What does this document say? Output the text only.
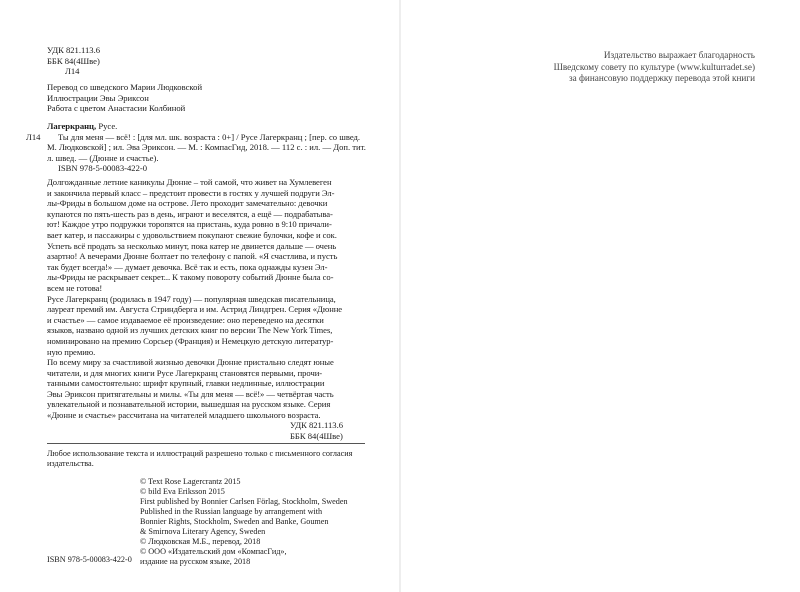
УДК 821.113.6
ББК 84(4Шве)
Л14
Перевод со шведского Марии Людковской
Иллюстрации Эвы Эриксон
Работа с цветом Анастасии Колбиной
Лагеркранц, Русе.
Л14 Ты для меня — всё! : [для мл. шк. возраста : 0+] / Русе Лагеркранц ; [пер. со швед.
М. Людковской] ; ил. Эва Эриксон. — М. : КомпасГид, 2018. — 112 с. : ил. — Доп. тит.
л. швед. — (Дюнне и счастье).
ISBN 978-5-00083-422-0
Долгожданные летние каникулы Дюнне – той самой, что живет на Хумлевеген
и закончила первый класс – предстоит провести в гостях у лучшей подруги Эл-
лы-Фриды в большом доме на острове. Лето проходит замечательно: девочки
купаются по пять-шесть раз в день, играют и веселятся, а ещё — подрабатыва-
ют! Каждое утро подружки торопятся на пристань, куда ровно в 9:10 причали-
вает катер, и пассажиры с удовольствием покупают свежие булочки, кофе и сок.
Успеть всё продать за несколько минут, пока катер не двинется дальше — очень
азартно! А вечерами Дюнне болтает по телефону с папой. «Я счастлива, и пусть
так будет всегда!» — думает девочка. Всё так и есть, пока однажды кузен Эл-
лы-Фриды не раскрывает секрет... К такому повороту событий Дюнне была со-
всем не готова!
Русе Лагеркранц (родилась в 1947 году) — популярная шведская писательница,
лауреат премий им. Августа Стриндберга и им. Астрид Линдгрен. Серия «Дюнне
и счастье» — самое издаваемое её произведение: оно переведено на десятки
языков, названо одной из лучших детских книг по версии The New York Times,
номинировано на премию Сорсьер (Франция) и Немецкую детскую литератур-
ную премию.
По всему миру за счастливой жизнью девочки Дюнне пристально следят юные
читатели, и для многих книги Русе Лагеркранц становятся первыми, прочи-
танными самостоятельно: шрифт крупный, главки недлинные, иллюстрации
Эвы Эриксон притягательны и милы. «Ты для меня — всё!» — четвёртая часть
увлекательной и познавательной истории, вышедшая на русском языке. Серия
«Дюнне и счастье» рассчитана на читателей младшего школьного возраста.
УДК 821.113.6
ББК 84(4Шве)
Любое использование текста и иллюстраций разрешено только с письменного согласия
издательства.
© Text Rose Lagercrantz 2015
© bild Eva Eriksson 2015
First published by Bonnier Carlsen Förlag, Stockholm, Sweden
Published in the Russian language by arrangement with
Bonnier Rights, Stockholm, Sweden and Banke, Goumen
& Smirnova Literary Agency, Sweden
© Людковская М.Б., перевод, 2018
© ООО «Издательский дом «КомпасГид»,
издание на русском языке, 2018
ISBN 978-5-00083-422-0
Издательство выражает благодарность
Шведскому совету по культуре (www.kulturradet.se)
за финансовую поддержку перевода этой книги
